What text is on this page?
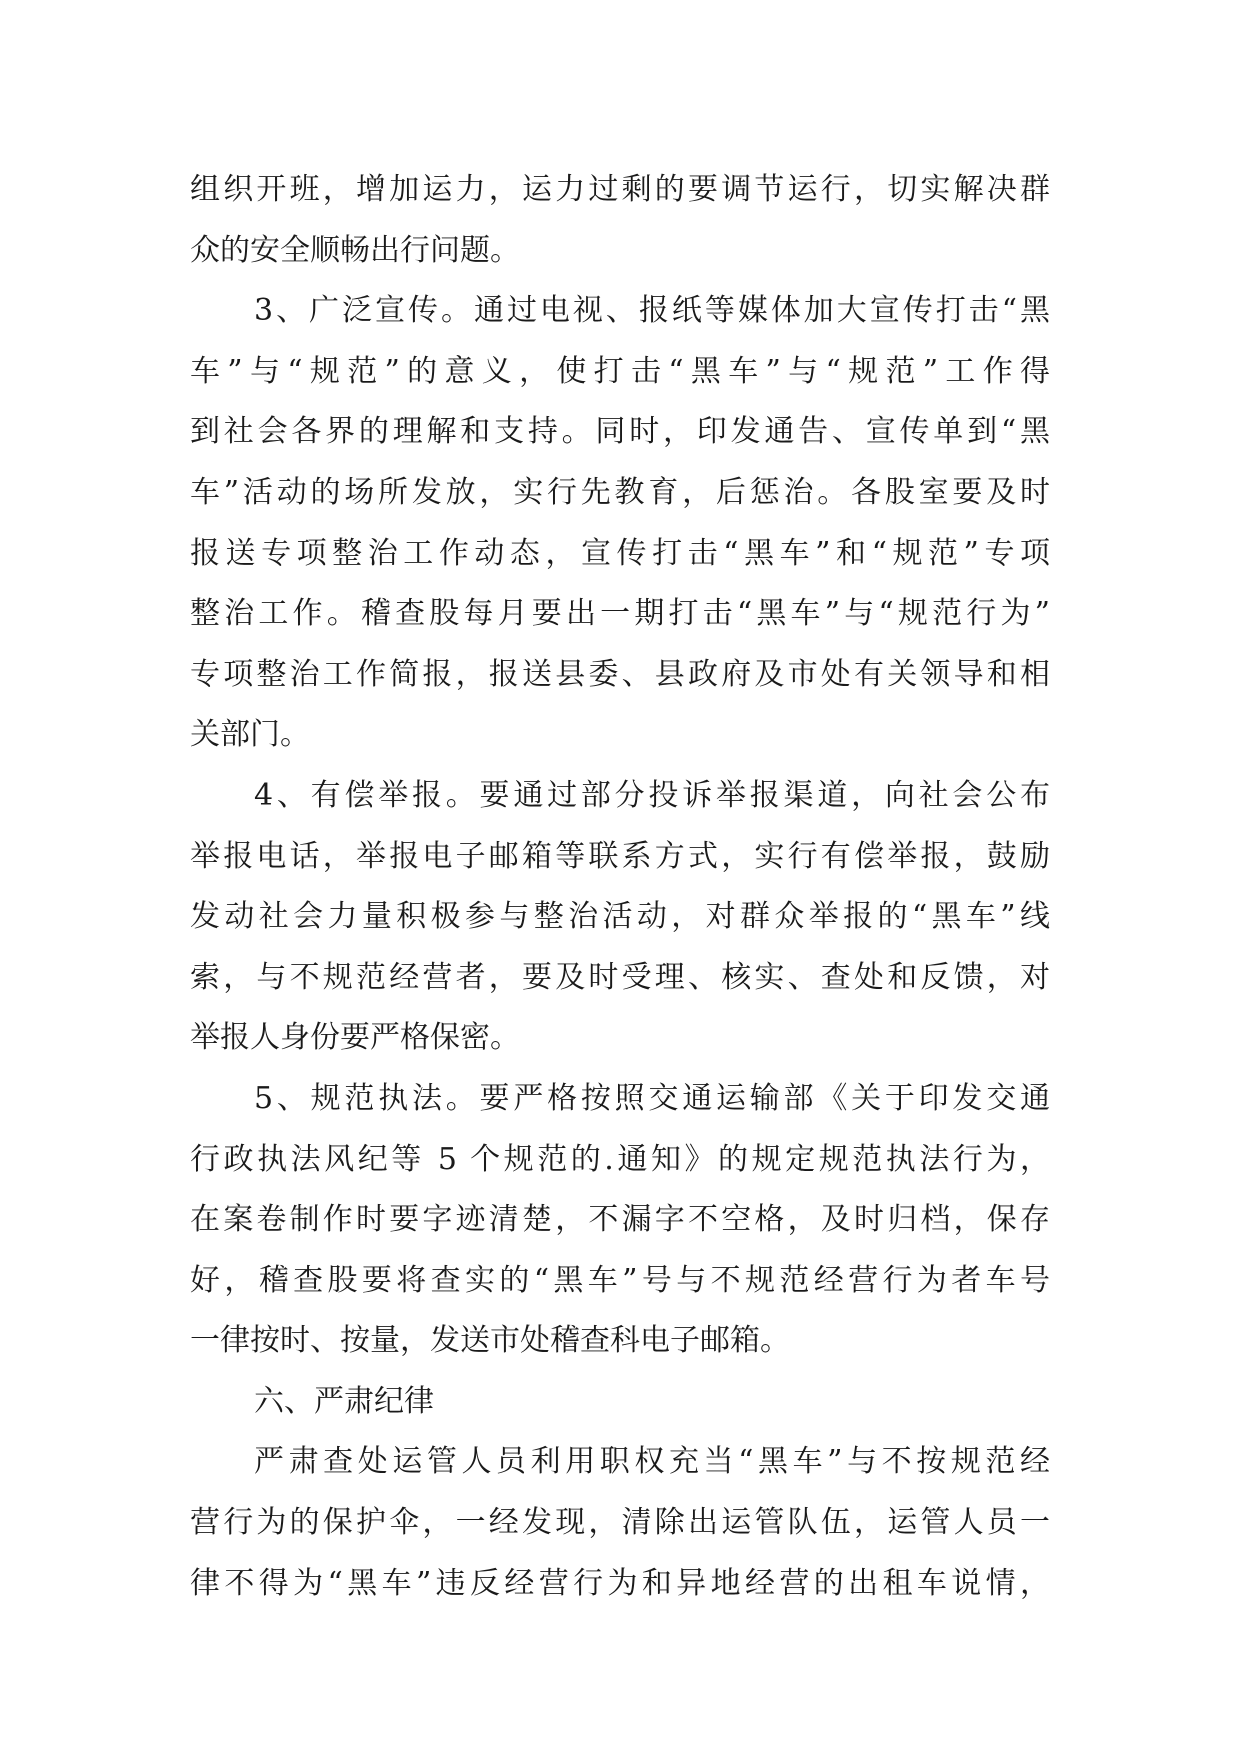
组织开班，增加运力，运力过剩的要调节运行，切实解决群
众的安全顺畅出行问题。
3、广泛宣传。通过电视、报纸等媒体加大宣传打击“黑
车”与“规范”的意义，使打击“黑车”与“规范”工作得
到社会各界的理解和支持。同时，印发通告、宣传单到“黑
车”活动的场所发放，实行先教育，后惩治。各股室要及时
报送专项整治工作动态，宣传打击“黑车”和“规范”专项
整治工作。稽查股每月要出一期打击“黑车”与“规范行为”
专项整治工作简报，报送县委、县政府及市处有关领导和相
关部门。
4、有偿举报。要通过部分投诉举报渠道，向社会公布
举报电话，举报电子邮箱等联系方式，实行有偿举报，鼓励
发动社会力量积极参与整治活动，对群众举报的“黑车”线
索，与不规范经营者，要及时受理、核实、查处和反馈，对
举报人身份要严格保密。
5、规范执法。要严格按照交通运输部《关于印发交通
行政执法风纪等 5 个规范的.通知》的规定规范执法行为，
在案卷制作时要字迹清楚，不漏字不空格，及时归档，保存
好，稽查股要将查实的“黑车”号与不规范经营行为者车号
一律按时、按量，发送市处稽查科电子邮箱。
六、严肃纪律
严肃查处运管人员利用职权充当“黑车”与不按规范经
营行为的保护伞，一经发现，清除出运管队伍，运管人员一
律不得为“黑车”违反经营行为和异地经营的出租车说情，
